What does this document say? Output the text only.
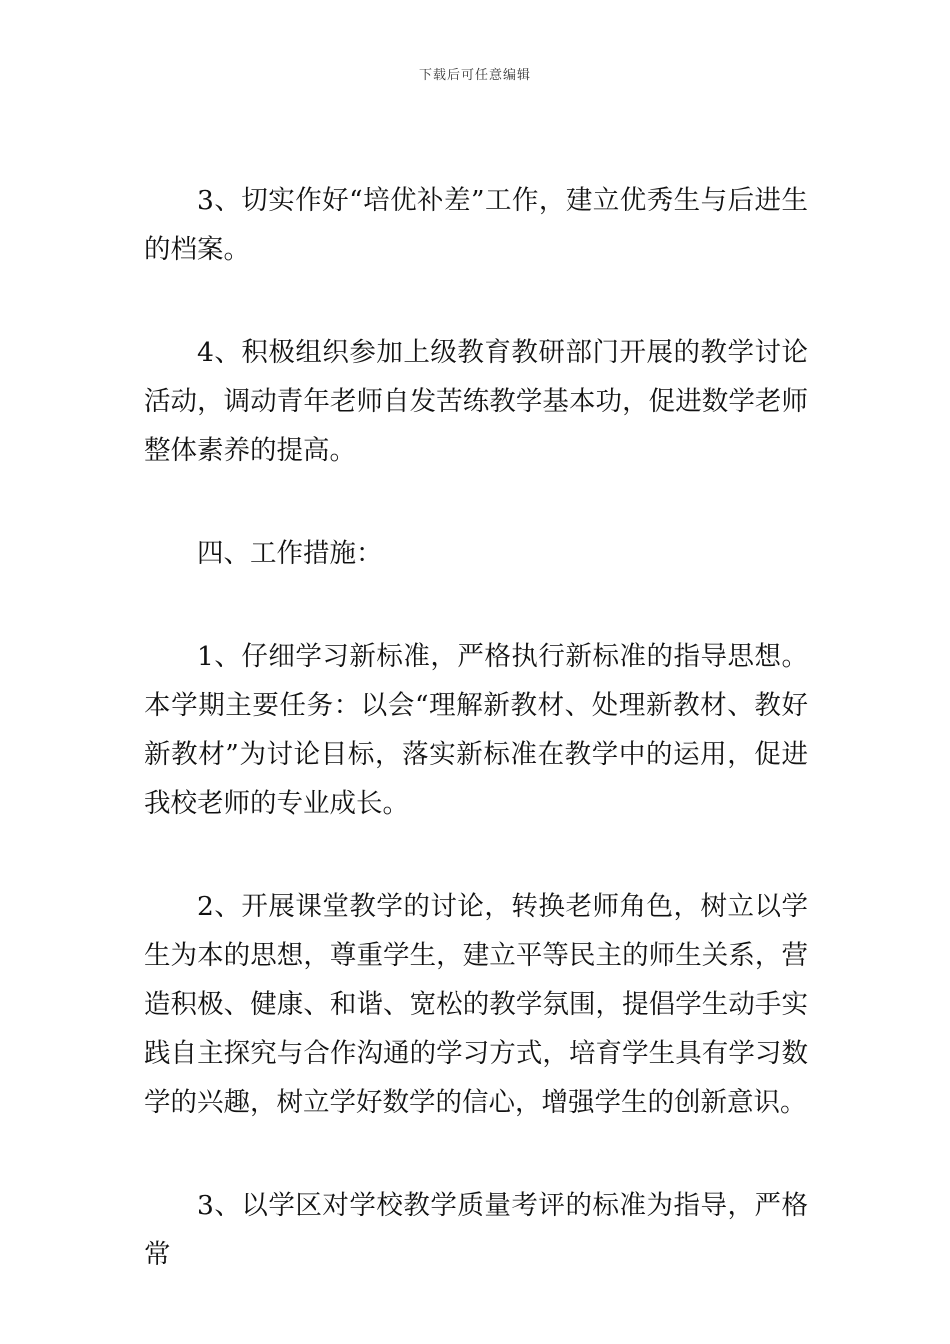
下载后可任意编辑

3、切实作好“培优补差”工作，建立优秀生与后进生的档案。

4、积极组织参加上级教育教研部门开展的教学讨论活动，调动青年老师自发苦练教学基本功，促进数学老师整体素养的提高。

四、工作措施：

1、仔细学习新标准，严格执行新标准的指导思想。本学期主要任务：以会“理解新教材、处理新教材、教好新教材”为讨论目标，落实新标准在教学中的运用，促进我校老师的专业成长。

2、开展课堂教学的讨论，转换老师角色，树立以学生为本的思想，尊重学生，建立平等民主的师生关系，营造积极、健康、和谐、宽松的教学氛围，提倡学生动手实践自主探究与合作沟通的学习方式，培育学生具有学习数学的兴趣，树立学好数学的信心，增强学生的创新意识。

3、以学区对学校教学质量考评的标准为指导，严格常
